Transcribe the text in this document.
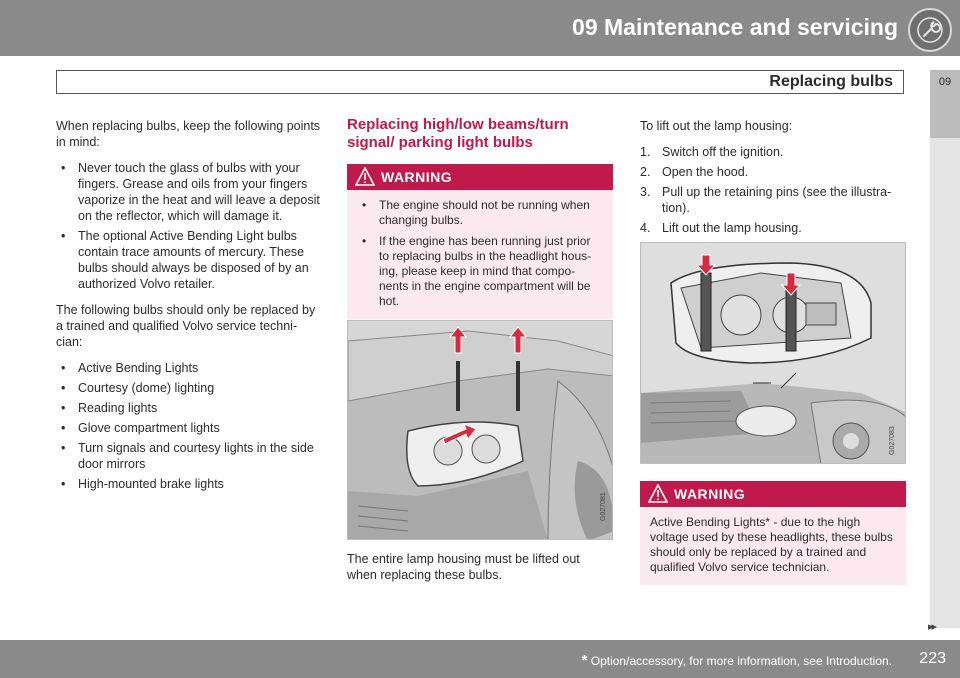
09 Maintenance and servicing
Replacing bulbs	09

When replacing bulbs, keep the following points in mind:

• Never touch the glass of bulbs with your fingers. Grease and oils from your fingers vaporize in the heat and will leave a deposit on the reflector, which will damage it.
• The optional Active Bending Light bulbs contain trace amounts of mercury. These bulbs should always be disposed of by an authorized Volvo retailer.

The following bulbs should only be replaced by a trained and qualified Volvo service techni-cian:

• Active Bending Lights
• Courtesy (dome) lighting
• Reading lights
• Glove compartment lights
• Turn signals and courtesy lights in the side door mirrors
• High-mounted brake lights
Replacing high/low beams/turn signal/ parking light bulbs
WARNING
• The engine should not be running when changing bulbs.
• If the engine has been running just prior to replacing bulbs in the headlight hous-ing, please keep in mind that compo-nents in the engine compartment will be hot.
G027081

The entire lamp housing must be lifted out when replacing these bulbs.

To lift out the lamp housing:

1. Switch off the ignition.
2. Open the hood.
3. Pull up the retaining pins (see the illustra-tion).
4. Lift out the lamp housing.
G027083
WARNING
Active Bending Lights* - due to the high voltage used by these headlights, these bulbs should only be replaced by a trained and qualified Volvo service technician.
▸▸
* Option/accessory, for more information, see Introduction. 223
